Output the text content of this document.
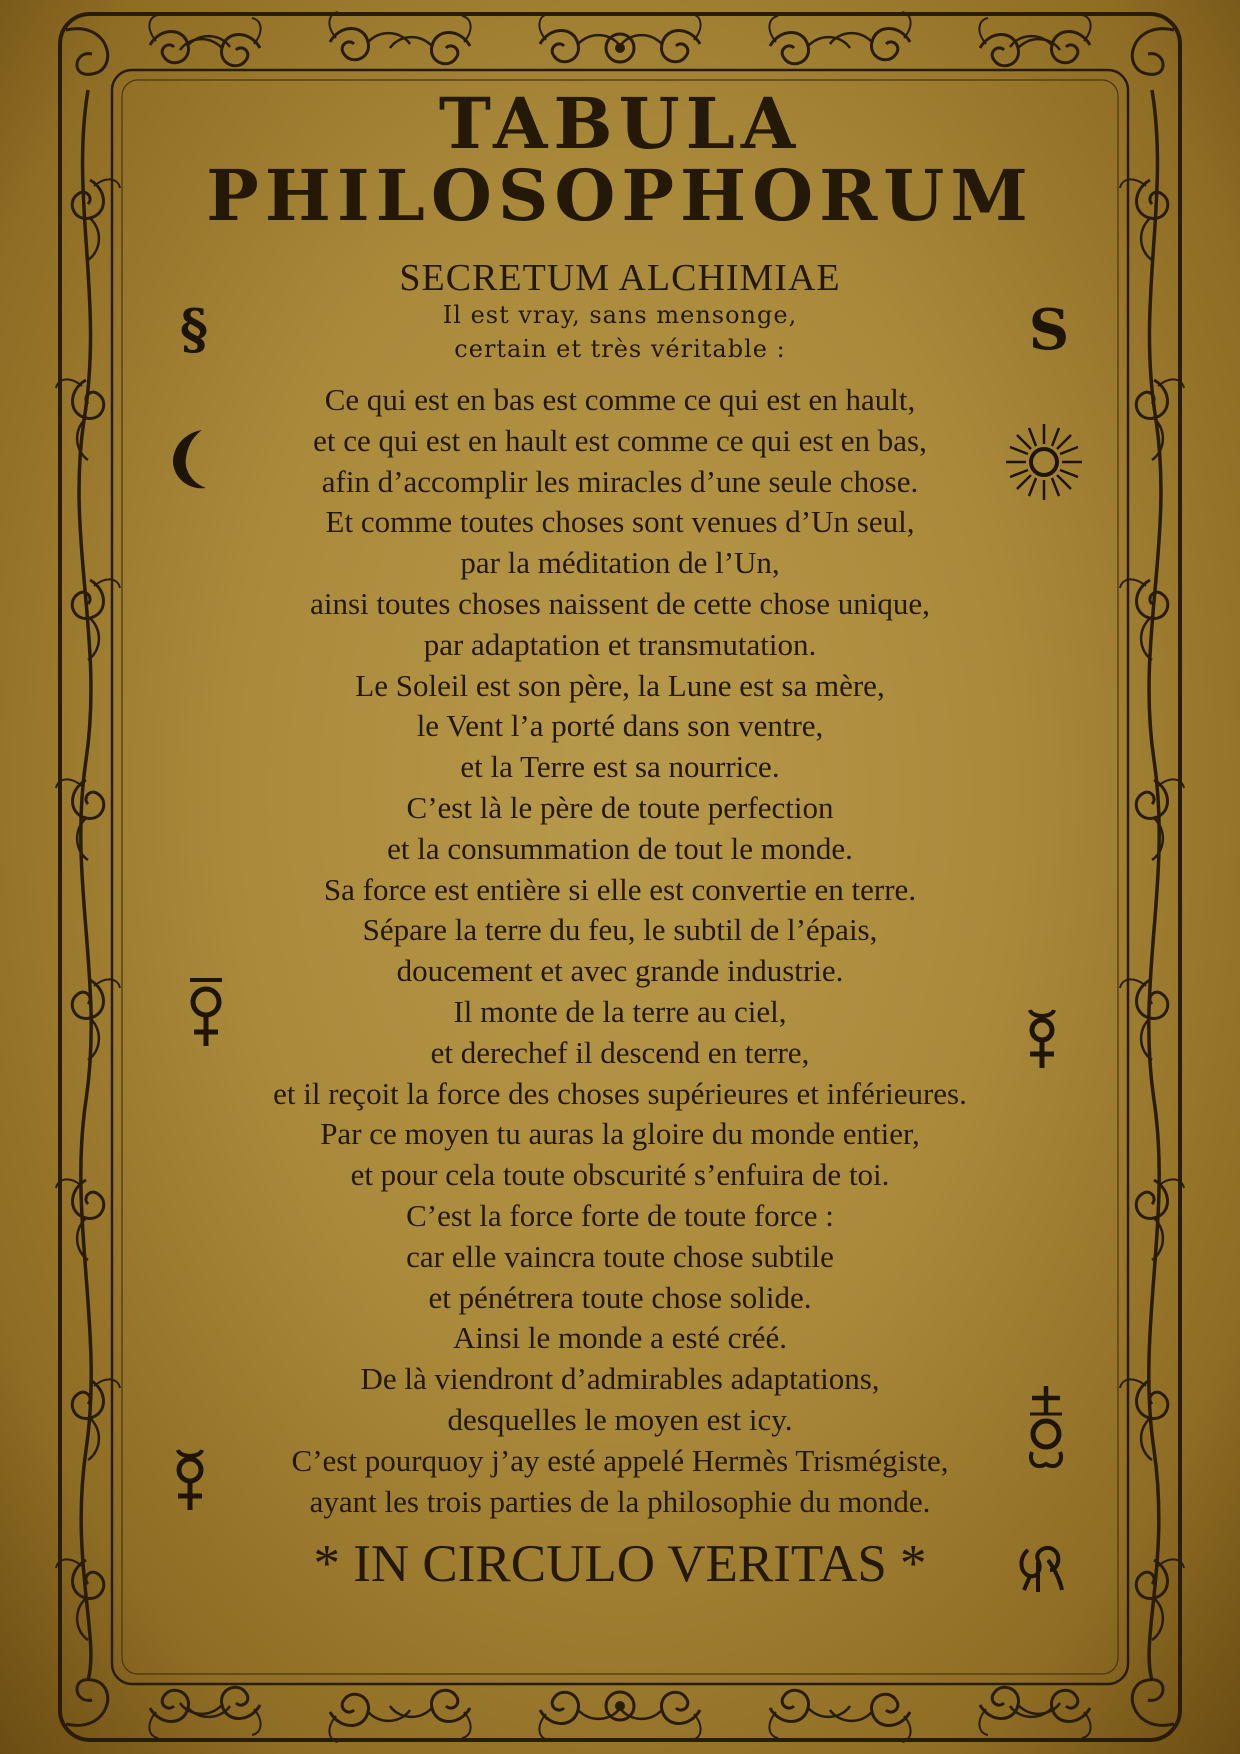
TABULA
PHILOSOPHORUM
SECRETUM ALCHIMIAE
Il est vray, sans mensonge,
certain et très véritable :
Ce qui est en bas est comme ce qui est en hault,
et ce qui est en hault est comme ce qui est en bas,
afin d’accomplir les miracles d’une seule chose.
Et comme toutes choses sont venues d’Un seul,
par la méditation de l’Un,
ainsi toutes choses naissent de cette chose unique,
par adaptation et transmutation.
Le Soleil est son père, la Lune est sa mère,
le Vent l’a porté dans son ventre,
et la Terre est sa nourrice.
C’est là le père de toute perfection
et la consummation de tout le monde.
Sa force est entière si elle est convertie en terre.
Sépare la terre du feu, le subtil de l’épais,
doucement et avec grande industrie.
Il monte de la terre au ciel,
et derechef il descend en terre,
et il reçoit la force des choses supérieures et inférieures.
Par ce moyen tu auras la gloire du monde entier,
et pour cela toute obscurité s’enfuira de toi.
C’est la force forte de toute force :
car elle vaincra toute chose subtile
et pénétrera toute chose solide.
Ainsi le monde a esté créé.
De là viendront d’admirables adaptations,
desquelles le moyen est icy.
C’est pourquoy j’ay esté appelé Hermès Trismégiste,
ayant les trois parties de la philosophie du monde.
* IN CIRCULO VERITAS *
§	S
